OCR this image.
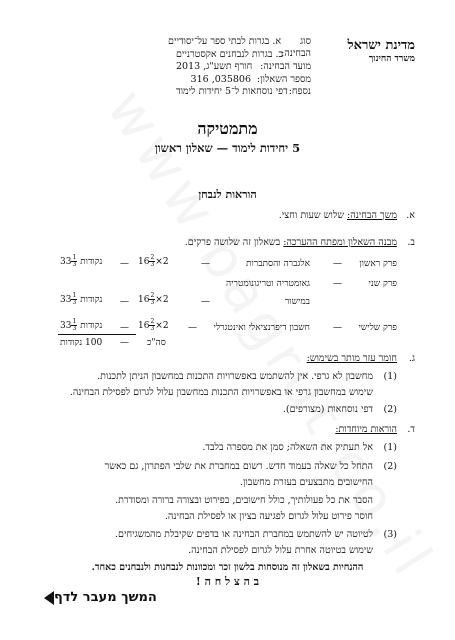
מדינת ישראל
משרד החינוך
סוג הבחינה:
א. בגרות לבתי ספר על־יסודיים
ב. בגרות לנבחנים אקסטרניים
מועד הבחינה:
חורף תשע"ג, 2013
מספר השאלון:
035806, 316
נספח:
דפי נוסחאות ל־5 יחידות לימוד
מתמטיקה
5 יחידות לימוד — שאלון ראשון
הוראות לנבחן
א.
משך הבחינה: שלוש שעות וחצי.
ב.
מבנה השאלון ומפתח ההערכה: בשאלון זה שלושה פרקים.
פרק ראשון
—
אלגברה והסתברות
—
$16 \frac{2}{3} \times 2$
—
$33 \frac{1}{3}$ נקודות
פרק שני
—
גאומטריה וטריגונומטריה
במישור
—
$16 \frac{2}{3} \times 2$
—
$33 \frac{1}{3}$ נקודות
פרק שלישי
—
חשבון דיפרנציאלי ואינטגרלי
—
$16 \frac{2}{3} \times 2$
—
$33 \frac{1}{3}$ נקודות
סה"כ
—
100 נקודות
ג.
חומר עזר מותר בשימוש:
(1)
מחשבון לא גרפי. אין להשתמש באפשרויות התכנות במחשבון הניתן לתכנות.
שימוש במחשבון גרפי או באפשרויות התכנות במחשבון עלול לגרום לפסילת הבחינה.
(2)
דפי נוסחאות (מצורפים).
ד.
הוראות מיוחדות:
(1)
אל תעתיק את השאלה; סמן את מספרה בלבד.
(2)
התחל כל שאלה בעמוד חדש. רשום במחברת את שלבי הפתרון, גם כאשר
החישובים מתבצעים בעזרת מחשבון.
הסבר את כל פעולותיך, כולל חישובים, בפירוט ובצורה ברורה ומסודרת.
חוסר פירוט עלול לגרום לפגיעה בציון או לפסילת הבחינה.
(3)
לטיוטה יש להשתמש במחברת הבחינה או בדפים שקיבלת מהמשגיחים.
שימוש בטיוטה אחרת עלול לגרום לפסילת הבחינה.
ההנחיות בשאלון זה מנוסחות בלשון זכר ומכוונות לנבחנות ולנבחנים כאחד.
ב ה צ ל ח ה !
המשך מעבר לדף
